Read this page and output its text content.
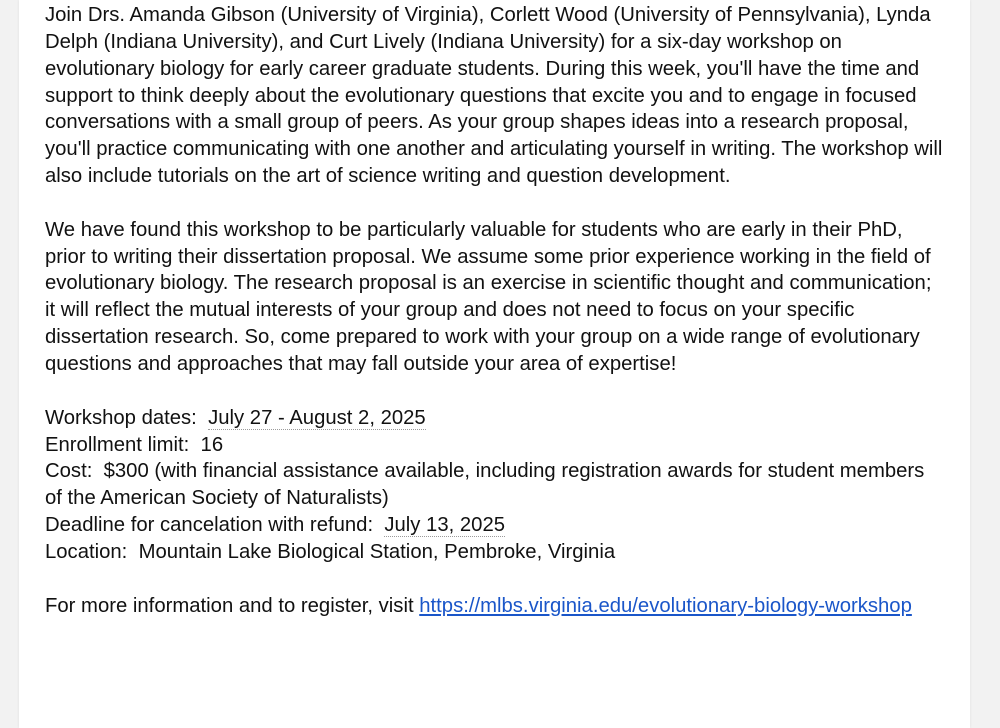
Join Drs. Amanda Gibson (University of Virginia), Corlett Wood (University of Pennsylvania), Lynda Delph (Indiana University), and Curt Lively (Indiana University) for a six-day workshop on evolutionary biology for early career graduate students. During this week, you'll have the time and support to think deeply about the evolutionary questions that excite you and to engage in focused conversations with a small group of peers. As your group shapes ideas into a research proposal, you'll practice communicating with one another and articulating yourself in writing. The workshop will also include tutorials on the art of science writing and question development.

We have found this workshop to be particularly valuable for students who are early in their PhD, prior to writing their dissertation proposal. We assume some prior experience working in the field of evolutionary biology. The research proposal is an exercise in scientific thought and communication; it will reflect the mutual interests of your group and does not need to focus on your specific dissertation research. So, come prepared to work with your group on a wide range of evolutionary questions and approaches that may fall outside your area of expertise!

Workshop dates: July 27 - August 2, 2025
Enrollment limit: 16
Cost: $300 (with financial assistance available, including registration awards for student members of the American Society of Naturalists)
Deadline for cancelation with refund: July 13, 2025
Location: Mountain Lake Biological Station, Pembroke, Virginia

For more information and to register, visit https://mlbs.virginia.edu/evolutionary-biology-workshop
